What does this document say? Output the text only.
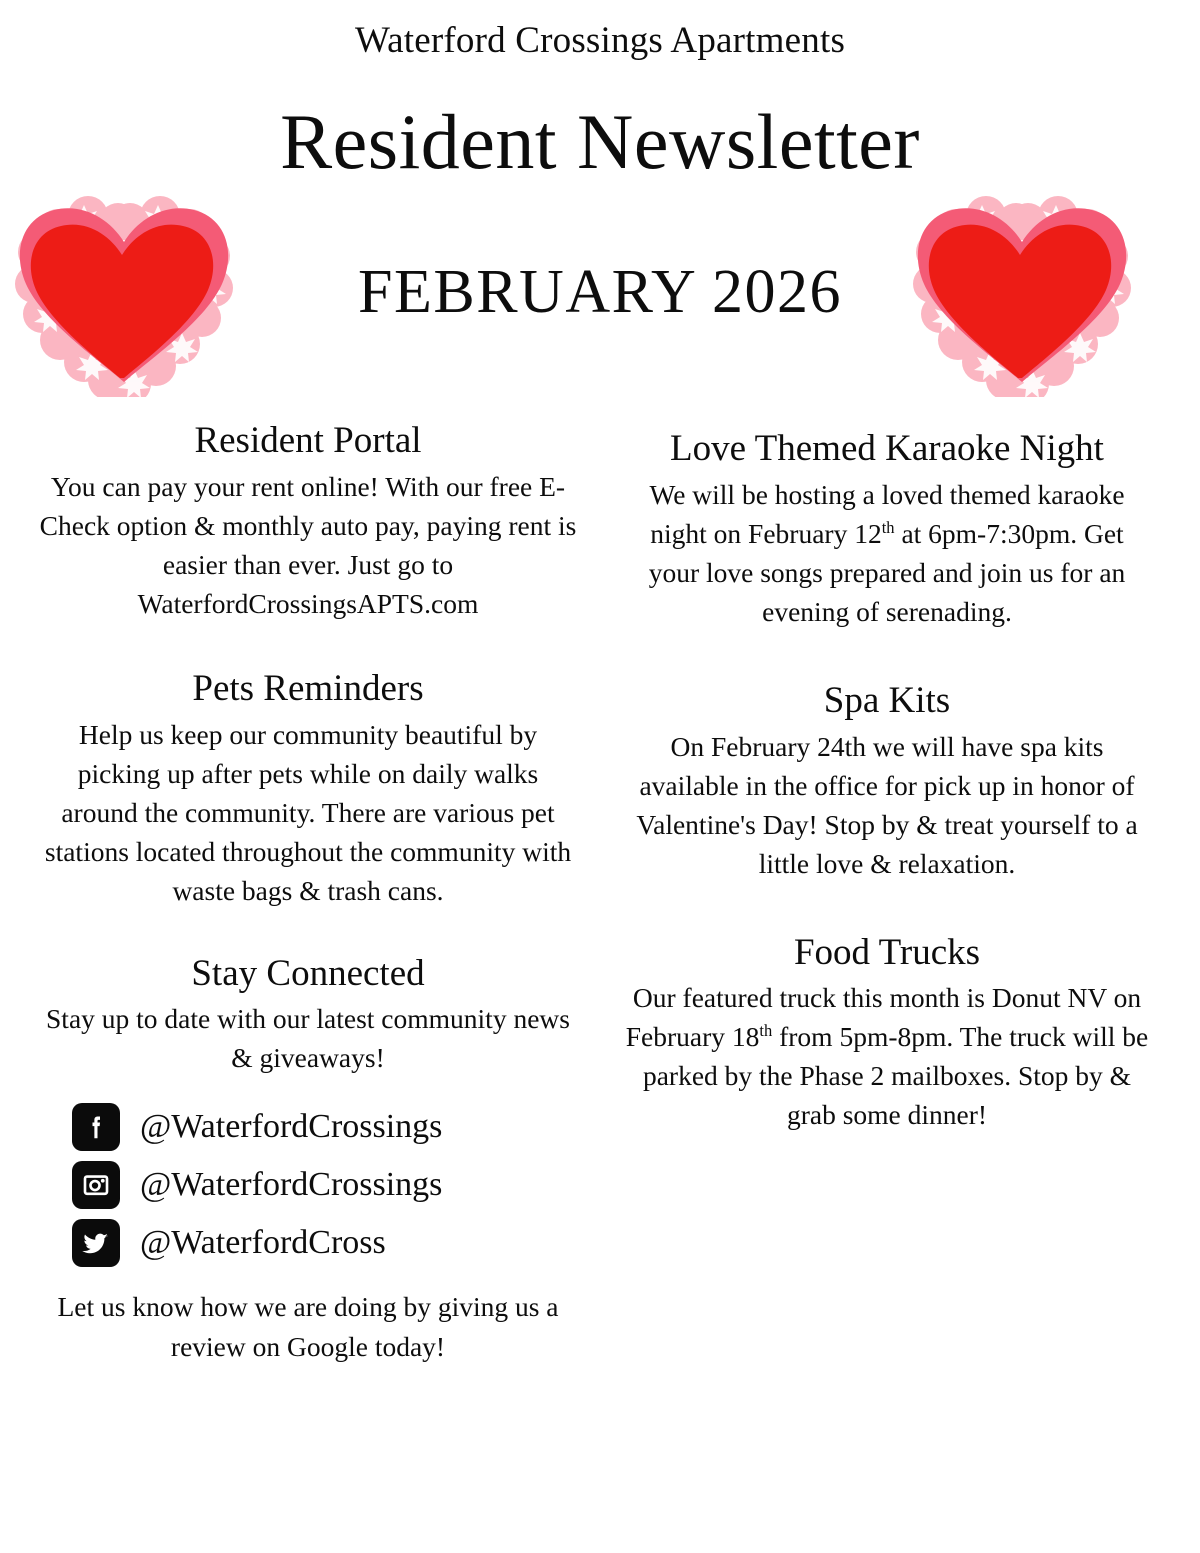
Waterford Crossings Apartments
Resident Newsletter
FEBRUARY 2026
Resident Portal

You can pay your rent online! With our free E-Check option & monthly auto pay, paying rent is easier than ever. Just go to WaterfordCrossingsAPTS.com

Pets Reminders

Help us keep our community beautiful by picking up after pets while on daily walks around the community. There are various pet stations located throughout the community with waste bags & trash cans.

Stay Connected

Stay up to date with our latest community news & giveaways!

@WaterfordCrossings
@WaterfordCrossings
@WaterfordCross

Let us know how we are doing by giving us a review on Google today!

Love Themed Karaoke Night

We will be hosting a loved themed karaoke night on February 12th at 6pm-7:30pm. Get your love songs prepared and join us for an evening of serenading.

Spa Kits

On February 24th we will have spa kits available in the office for pick up in honor of Valentine's Day! Stop by & treat yourself to a little love & relaxation.

Food Trucks

Our featured truck this month is Donut NV on February 18th from 5pm-8pm. The truck will be parked by the Phase 2 mailboxes. Stop by & grab some dinner!
